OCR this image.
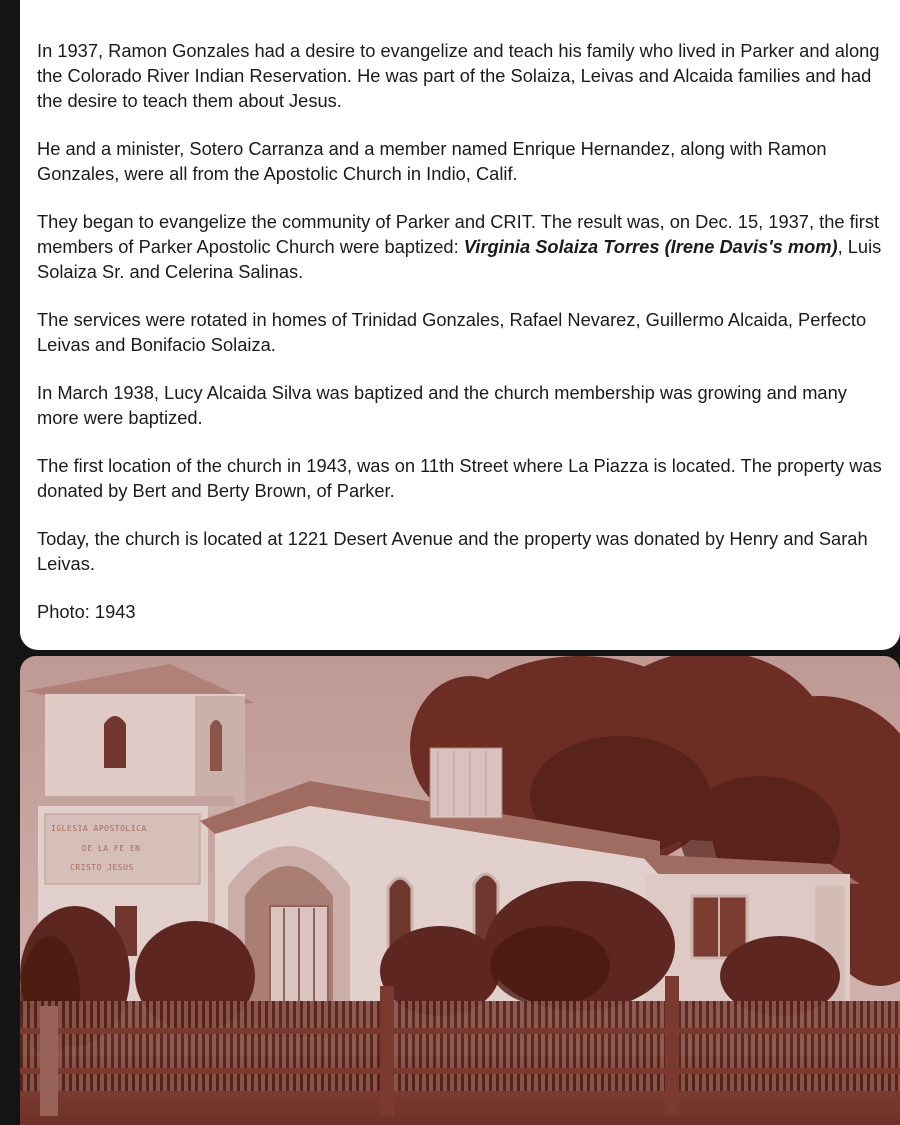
In 1937, Ramon Gonzales had a desire to evangelize and teach his family who lived in Parker and along the Colorado River Indian Reservation. He was part of the Solaiza, Leivas and Alcaida families and had the desire to teach them about Jesus.

He and a minister, Sotero Carranza and a member named Enrique Hernandez, along with Ramon Gonzales, were all from the Apostolic Church in Indio, Calif.

They began to evangelize the community of Parker and CRIT. The result was, on Dec. 15, 1937, the first members of Parker Apostolic Church were baptized: Virginia Solaiza Torres (Irene Davis's mom), Luis Solaiza Sr. and Celerina Salinas.

The services were rotated in homes of Trinidad Gonzales, Rafael Nevarez, Guillermo Alcaida, Perfecto Leivas and Bonifacio Solaiza.

In March 1938, Lucy Alcaida Silva was baptized and the church membership was growing and many more were baptized.

The first location of the church in 1943, was on 11th Street where La Piazza is located. The property was donated by Bert and Berty Brown, of Parker.

Today, the church is located at 1221 Desert Avenue and the property was donated by Henry and Sarah Leivas.

Photo: 1943

IGLESIA APOSTOLICA
DE LA FE EN
CRISTO JESUS
